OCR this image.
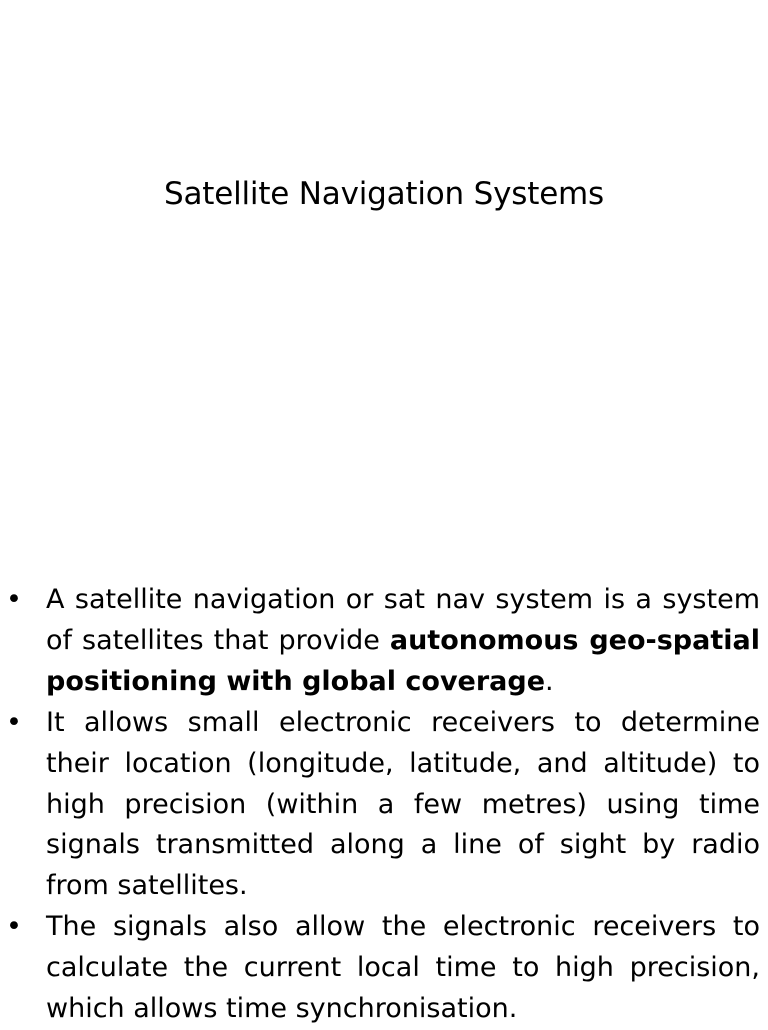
Satellite Navigation Systems
• A satellite navigation or sat nav system is a system of satellites that provide autonomous geo-spatial positioning with global coverage.
• It allows small electronic receivers to determine their location (longitude, latitude, and altitude) to high precision (within a few metres) using time signals transmitted along a line of sight by radio from satellites.
• The signals also allow the electronic receivers to calculate the current local time to high precision, which allows time synchronisation.
